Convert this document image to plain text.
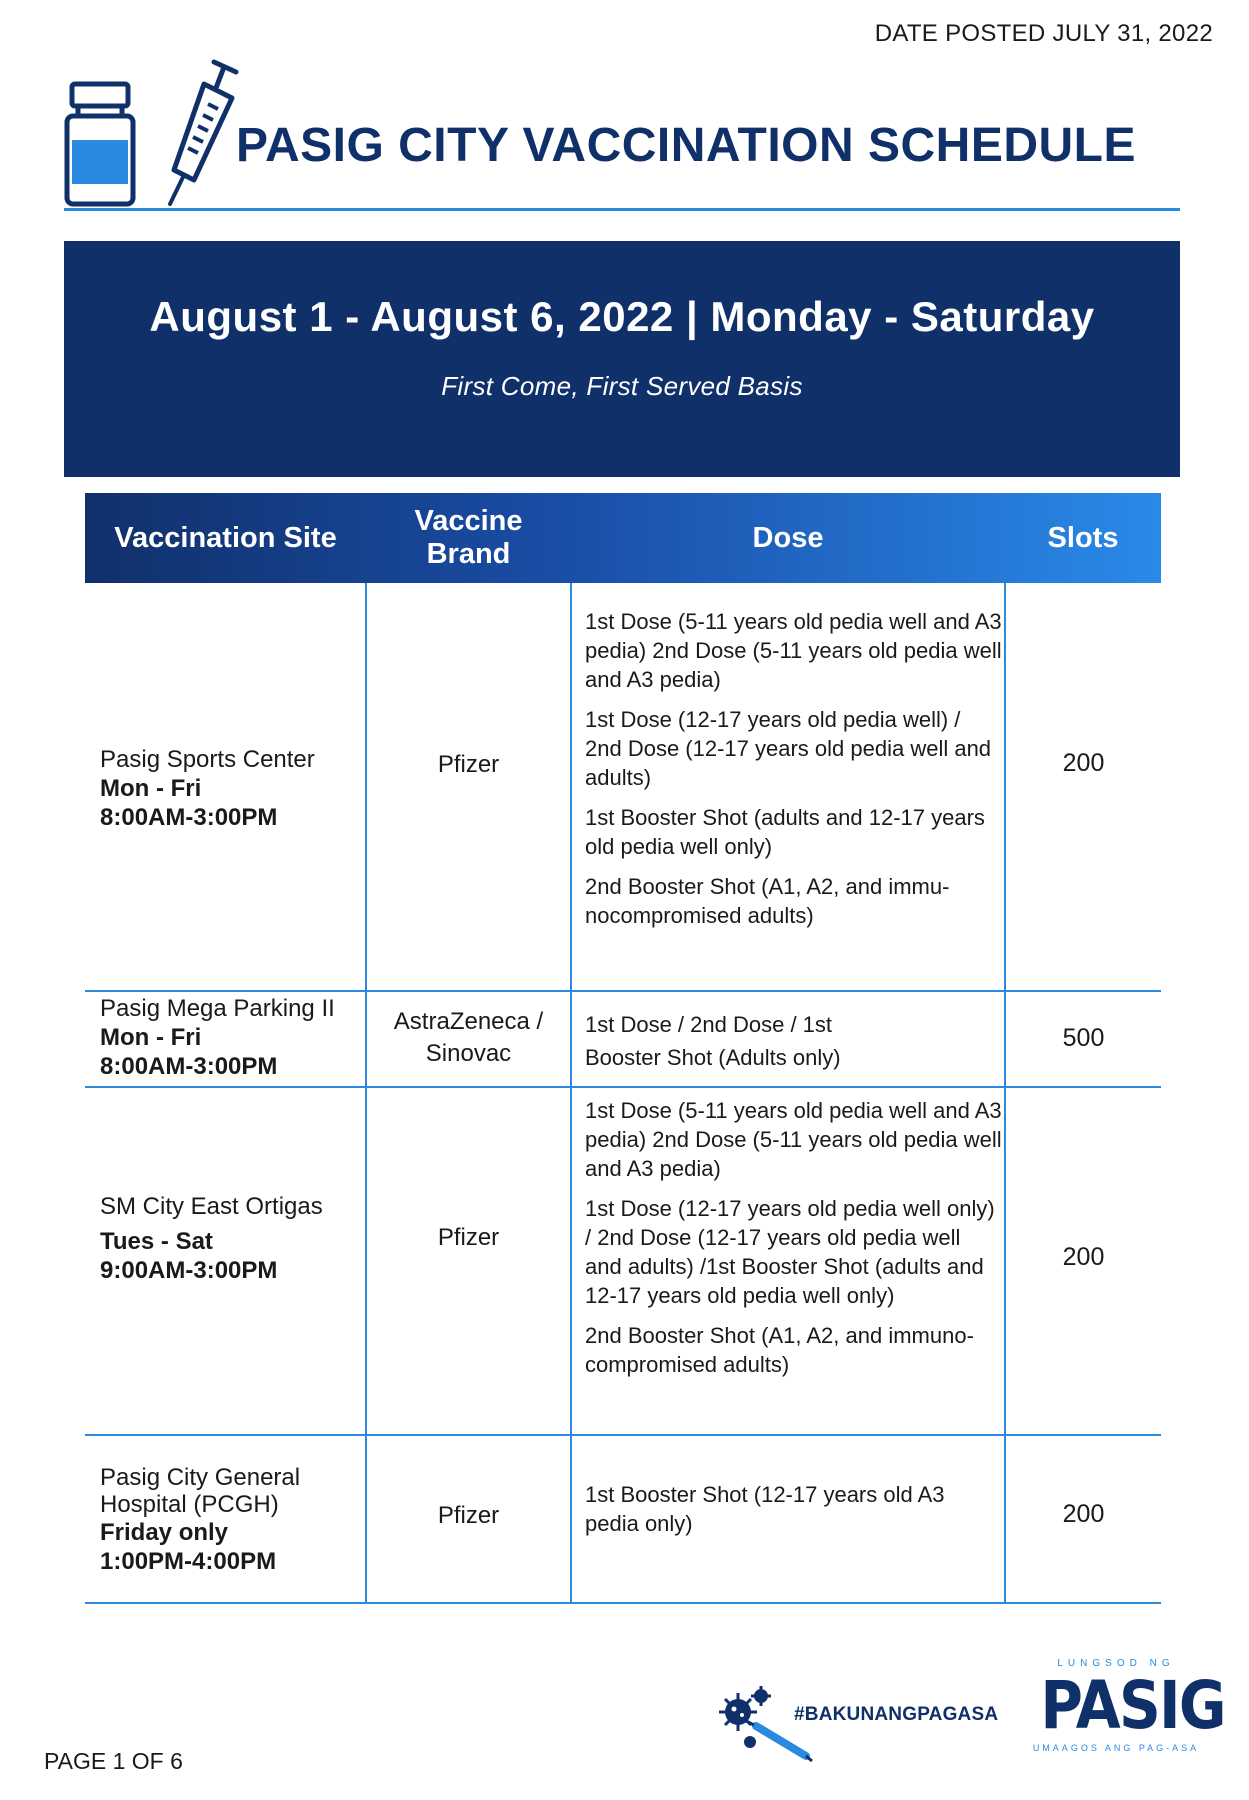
DATE POSTED JULY 31, 2022
PASIG CITY VACCINATION SCHEDULE
August 1 - August 6, 2022 | Monday - Saturday
First Come, First Served Basis
Vaccination Site
Vaccine
Brand
Dose	Slots
Pasig Sports Center
Mon - Fri
8:00AM-3:00PM
Pfizer
1st Dose (5-11 years old pedia well and A3 pedia) 2nd Dose (5-11 years old pedia well and A3 pedia)
1st Dose (12-17 years old pedia well) / 2nd Dose (12-17 years old pedia well and adults)
1st Booster Shot (adults and 12-17 years old pedia well only)
2nd Booster Shot (A1, A2, and immu-nocompromised adults)
200
Pasig Mega Parking II
Mon - Fri
8:00AM-3:00PM
AstraZeneca / Sinovac
1st Dose / 2nd Dose / 1st Booster Shot (Adults only)
500
SM City East Ortigas
Tues - Sat
9:00AM-3:00PM
Pfizer
1st Dose (5-11 years old pedia well and A3 pedia) 2nd Dose (5-11 years old pedia well and A3 pedia)
1st Dose (12-17 years old pedia well only) / 2nd Dose (12-17 years old pedia well and adults) /1st Booster Shot (adults and 12-17 years old pedia well only)
2nd Booster Shot (A1, A2, and immuno-compromised adults)
200
Pasig City General Hospital (PCGH)
Friday only
1:00PM-4:00PM
Pfizer
1st Booster Shot (12-17 years old A3 pedia only)	200
#BAKUNANGPAGASA
LUNGSOD NG
PASIG
UMAAGOS ANG PAG-ASA
PAGE 1 OF 6
